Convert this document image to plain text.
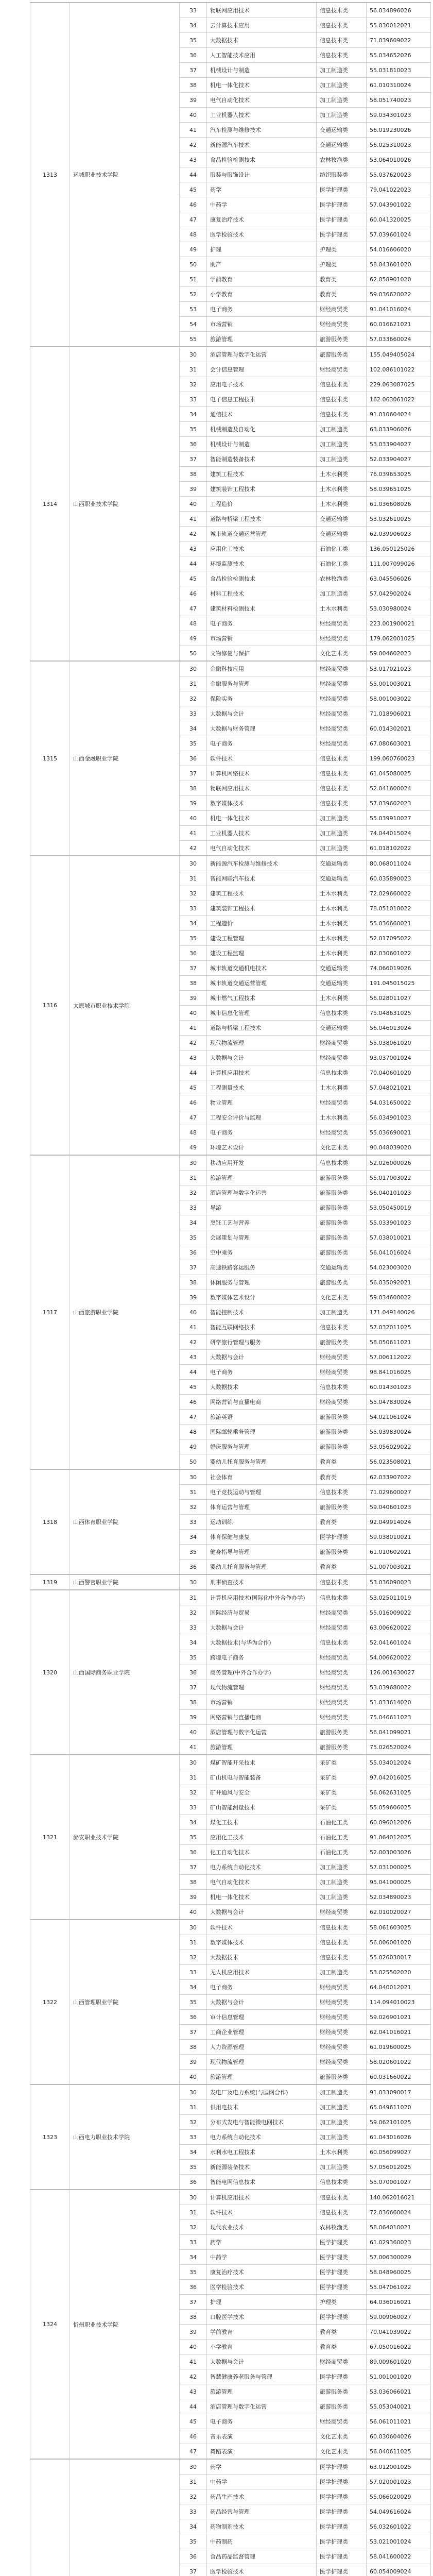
1313	运城职业技术学院	33	物联网应用技术	信息技术类	56.034896026
		34	云计算技术应用	信息技术类	55.030012021
		35	大数据技术	信息技术类	71.039609022
		36	人工智能技术应用	信息技术类	55.034652026
		37	机械设计与制造	加工制造类	55.031810023
		38	机电一体化技术	加工制造类	61.010310024
		39	电气自动化技术	加工制造类	58.051740023
		40	工业机器人技术	加工制造类	59.034301023
		41	汽车检测与维修技术	交通运输类	56.019230026
		42	新能源汽车技术	交通运输类	56.025310023
		43	食品检验检测技术	农林牧渔类	53.064010026
		44	服装与服饰设计	纺织服装类	55.037620023
		45	药学	医学护理类	79.041022023
		46	中药学	医学护理类	57.043901022
		47	康复治疗技术	医学护理类	60.041320025
		48	医学检验技术	医学护理类	57.039601024
		49	护理	护理类	54.016606020
		50	助产	护理类	58.043601020
		51	学前教育	教育类	62.058901020
		52	小学教育	教育类	59.036620022
		53	电子商务	财经商贸类	91.041016024
		54	市场营销	财经商贸类	60.016621021
		55	旅游管理	旅游服务类	57.033660024
1314	山西职业技术学院	30	酒店管理与数字化运营	旅游服务类	155.049405024
		31	会计信息管理	财经商贸类	102.086101022
		32	应用电子技术	信息技术类	229.063087025
		33	电子信息工程技术	信息技术类	162.063061022
		34	通信技术	信息技术类	91.010604024
		35	机械制造及自动化	加工制造类	63.033906026
		36	机械设计与制造	加工制造类	53.033904027
		37	智能制造装备技术	加工制造类	52.033904027
		38	建筑工程技术	土木水利类	76.039653025
		39	建筑装饰工程技术	土木水利类	58.039651025
		40	工程造价	土木水利类	61.036608026
		41	道路与桥梁工程技术	交通运输类	53.032610025
		42	城市轨道交通运营管理	交通运输类	62.039906023
		43	应用化工技术	石油化工类	136.050125026
		44	环境监测技术	石油化工类	111.007099026
		45	食品检验检测技术	农林牧渔类	63.045506026
		46	材料工程技术	加工制造类	57.042902024
		47	建筑材料检测技术	土木水利类	53.030980024
		48	电子商务	财经商贸类	223.001900021
		49	市场营销	财经商贸类	179.062001025
		50	文物修复与保护	文化艺术类	59.004602023
1315	山西金融职业学院	30	金融科技应用	财经商贸类	53.017021023
		31	金融服务与管理	财经商贸类	55.001003021
		32	保险实务	财经商贸类	58.001003022
		33	大数据与会计	财经商贸类	71.018906021
		34	大数据与财务管理	财经商贸类	60.014302021
		35	电子商务	财经商贸类	67.080603021
		36	软件技术	信息技术类	199.060760023
		37	计算机网络技术	信息技术类	61.045080025
		38	物联网应用技术	信息技术类	52.041600024
		39	数字媒体技术	信息技术类	57.039602023
		40	机电一体化技术	加工制造类	55.039910027
		41	工业机器人技术	加工制造类	74.044015024
		42	电气自动化技术	加工制造类	61.018102022
1316	太原城市职业技术学院	30	新能源汽车检测与维修技术	交通运输类	80.068011024
		31	智能网联汽车技术	交通运输类	60.035890023
		32	建筑工程技术	土木水利类	72.029660022
		33	建筑装饰工程技术	土木水利类	78.051018022
		34	工程造价	土木水利类	55.036660021
		35	建设工程管理	土木水利类	52.017095022
		36	建设工程监理	土木水利类	82.030601022
		37	城市轨道交通机电技术	交通运输类	74.066019026
		38	城市轨道交通运营管理	交通运输类	191.045015025
		39	城市燃气工程技术	土木水利类	56.028011027
		40	城市信息化管理	信息技术类	75.048631025
		41	道路与桥梁工程技术	交通运输类	56.046013024
		42	现代物流管理	财经商贸类	55.038061020
		43	大数据与会计	财经商贸类	93.037001024
		44	计算机应用技术	信息技术类	70.040601020
		45	工程测量技术	土木水利类	57.048021021
		46	物业管理	财经商贸类	54.031650022
		47	工程安全评价与监理	土木水利类	56.034901023
		48	电子商务	财经商贸类	55.036690021
		49	环境艺术设计	文化艺术类	90.048039020
1317	山西旅游职业学院	30	移动应用开发	信息技术类	52.026000026
		31	旅游管理	旅游服务类	55.017003022
		32	酒店管理与数字化运营	旅游服务类	56.040101023
		33	导游	旅游服务类	53.050450019
		34	烹饪工艺与营养	旅游服务类	55.033901023
		35	会展策划与管理	旅游服务类	57.038010021
		36	空中乘务	旅游服务类	56.041016024
		37	高速铁路客运服务	交通运输类	54.023003020
		38	休闲服务与管理	旅游服务类	56.035092021
		39	数字媒体艺术设计	文化艺术类	59.034600022
		40	智能控制技术	加工制造类	171.049140026
		41	智能互联网络技术	信息技术类	57.032011025
		42	研学旅行管理与服务	旅游服务类	58.050611021
		43	大数据与会计	财经商贸类	57.006112022
		44	电子商务	财经商贸类	98.841016025
		45	大数据技术	信息技术类	60.014301023
		46	网络营销与直播电商	财经商贸类	55.047830024
		47	旅游英语	旅游服务类	54.021061024
		48	国际邮轮乘务管理	旅游服务类	55.039830024
		49	婚庆服务与管理	旅游服务类	53.056029022
		50	婴幼儿托育服务与管理	教育类	56.023508021
1318	山西体育职业学院	30	社会体育	教育类	62.033907022
		31	电子竞技运动与管理	信息技术类	71.029600027
		32	体育运营与管理	旅游服务类	59.040601023
		33	运动训练	教育类	92.049914024
		34	体育保健与康复	医学护理类	59.038010021
		35	健身指导与管理	旅游服务类	61.010602021
		36	婴幼儿托育服务与管理	教育类	51.007003021
1319	山西警官职业学院	30	刑事侦查技术	信息技术类	53.036090023
1320	山西国际商务职业学院	31	计算机应用技术(国际化中外合作办学)	信息技术类	53.025011019
		32	国际经济与贸易	财经商贸类	55.016009022
		33	大数据与会计	财经商贸类	63.006620022
		34	大数据技术(与华为合作)	信息技术类	52.041601024
		35	跨境电子商务	财经商贸类	54.006620022
		36	商务管理(中外合作办学)	财经商贸类	126.001630027
		37	现代物流管理	财经商贸类	53.039680022
		38	市场营销	财经商贸类	51.033614020
		39	网络营销与直播电商	财经商贸类	75.046611023
		40	酒店管理与数字化运营	旅游服务类	56.041099021
		41	旅游管理	旅游服务类	75.026520024
1321	潞安职业技术学院	30	煤矿智能开采技术	采矿类	55.034012024
		31	矿山机电与智能装备	采矿类	97.042016025
		32	矿井通风与安全	采矿类	56.062631025
		33	矿山智能测量技术	采矿类	55.059606025
		34	煤化工技术	石油化工类	60.096012026
		35	应用化工技术	石油化工类	91.064012025
		36	化工自动化技术	石油化工类	52.003003026
		37	电力系统自动化技术	加工制造类	57.031000025
		38	电气自动化技术	加工制造类	95.041000025
		39	机电一体化技术	加工制造类	52.034890023
		40	大数据与会计	财经商贸类	62.010020027
1322	山西管理职业学院	30	软件技术	信息技术类	58.061603025
		31	数字媒体技术	信息技术类	56.006001020
		32	大数据技术	信息技术类	55.026030017
		33	无人机应用技术	加工制造类	53.025502020
		34	电子商务	财经商贸类	64.040012021
		35	大数据与会计	财经商贸类	114.094010023
		36	审计信息管理	财经商贸类	59.026901021
		37	工商企业管理	财经商贸类	62.041016021
		38	人力资源管理	财经商贸类	61.019600025
		39	现代物流管理	财经商贸类	58.020601022
		40	旅游管理	旅游服务类	60.031660022
1323	山西电力职业技术学院	30	发电厂及电力系统(与国网合作)	加工制造类	91.033090017
		31	供用电技术	加工制造类	65.049611020
		32	分布式发电与智能微电网技术	加工制造类	59.062101025
		33	电力系统自动化技术	加工制造类	61.043016026
		34	水利水电工程技术	土木水利类	60.056099027
		35	新能源装备技术	加工制造类	57.056012025
		36	智能电网信息技术	信息技术类	55.070001027
1324	忻州职业技术学院	30	计算机应用技术	信息技术类	140.062016021
		31	软件技术	信息技术类	72.036660024
		32	现代农业技术	农林牧渔类	58.064010021
		33	药学	医学护理类	61.029360023
		34	中药学	医学护理类	57.006300029
		35	康复治疗技术	医学护理类	58.048960025
		36	医学检验技术	医学护理类	55.047061022
		37	护理	护理类	64.036016021
		38	口腔医学技术	医学护理类	59.009060027
		39	学前教育	教育类	70.041039022
		40	小学教育	教育类	67.050016022
		41	大数据与会计	财经商贸类	89.009601020
		42	智慧健康养老服务与管理	医学护理类	51.001001020
		43	旅游管理	旅游服务类	53.036066021
		44	酒店管理与数字化运营	旅游服务类	55.053040021
		45	电子商务	财经商贸类	56.061011021
		46	音乐表演	文化艺术类	60.030604026
		47	舞蹈表演	文化艺术类	56.040611025
		30	药学	医学护理类	63.012001025
		31	中药学	医学护理类	57.020001023
		32	药品生产技术	医学护理类	55.066020029
		33	药品经营与管理	医学护理类	54.049616024
		34	药物制剂技术	医学护理类	56.032601022
		35	中药制药	医学护理类	53.021001024
		36	食品药品监督管理	医学护理类	58.041600022
		37	医学检验技术	医学护理类	60.054009024
